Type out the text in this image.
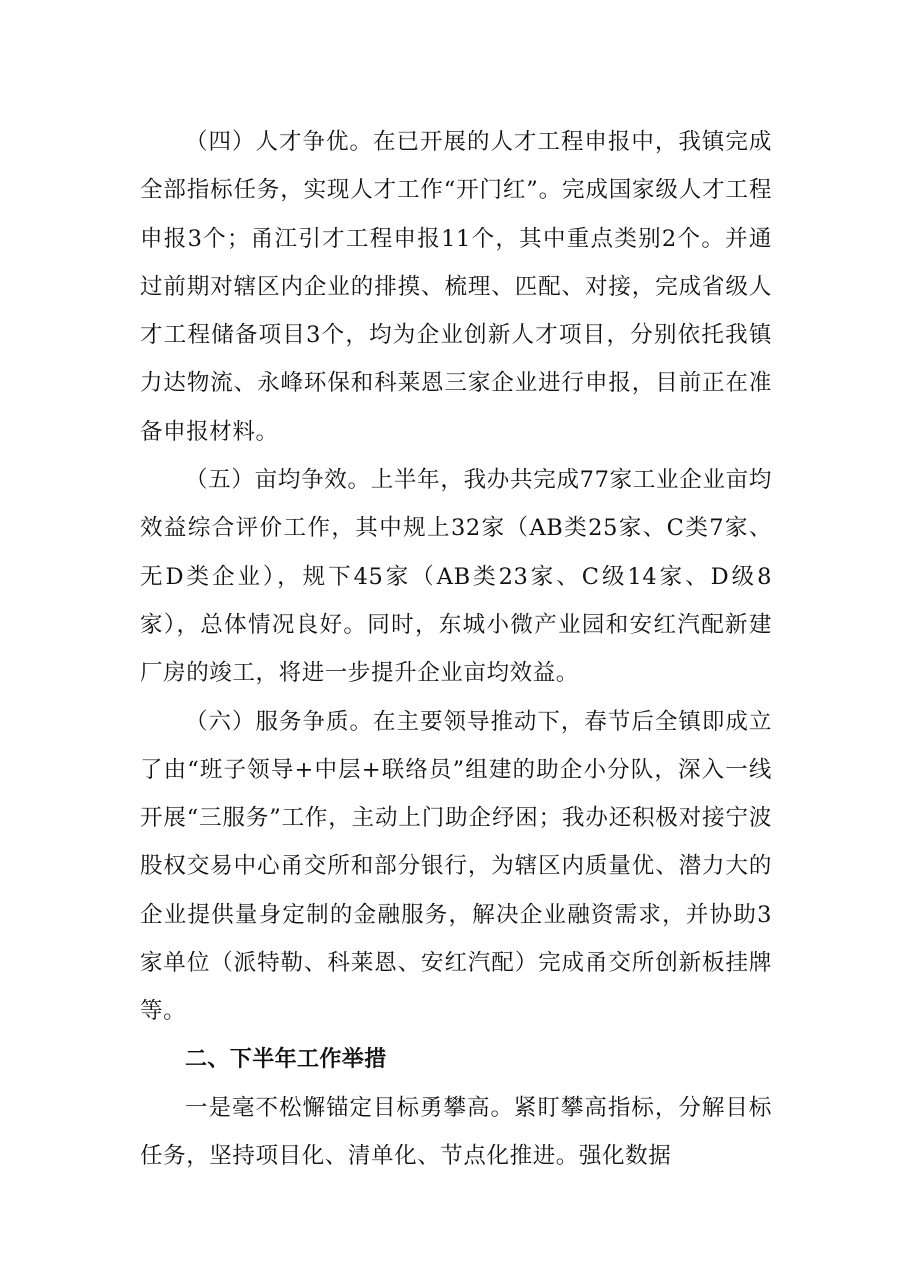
（四）人才争优。在已开展的人才工程申报中，我镇完成全部指标任务，实现人才工作“开门红”。完成国家级人才工程申报3个；甬江引才工程申报11个，其中重点类别2个。并通过前期对辖区内企业的排摸、梳理、匹配、对接，完成省级人才工程储备项目3个，均为企业创新人才项目，分别依托我镇力达物流、永峰环保和科莱恩三家企业进行申报，目前正在准备申报材料。

（五）亩均争效。上半年，我办共完成77家工业企业亩均效益综合评价工作，其中规上32家（AB类25家、C类7家、无D类企业），规下45家（AB类23家、C级14家、D级8家），总体情况良好。同时，东城小微产业园和安红汽配新建厂房的竣工，将进一步提升企业亩均效益。

（六）服务争质。在主要领导推动下，春节后全镇即成立了由“班子领导+中层+联络员”组建的助企小分队，深入一线开展“三服务”工作，主动上门助企纾困；我办还积极对接宁波股权交易中心甬交所和部分银行，为辖区内质量优、潜力大的企业提供量身定制的金融服务，解决企业融资需求，并协助3家单位（派特勒、科莱恩、安红汽配）完成甬交所创新板挂牌等。

二、下半年工作举措

一是毫不松懈锚定目标勇攀高。紧盯攀高指标，分解目标任务，坚持项目化、清单化、节点化推进。强化数据
